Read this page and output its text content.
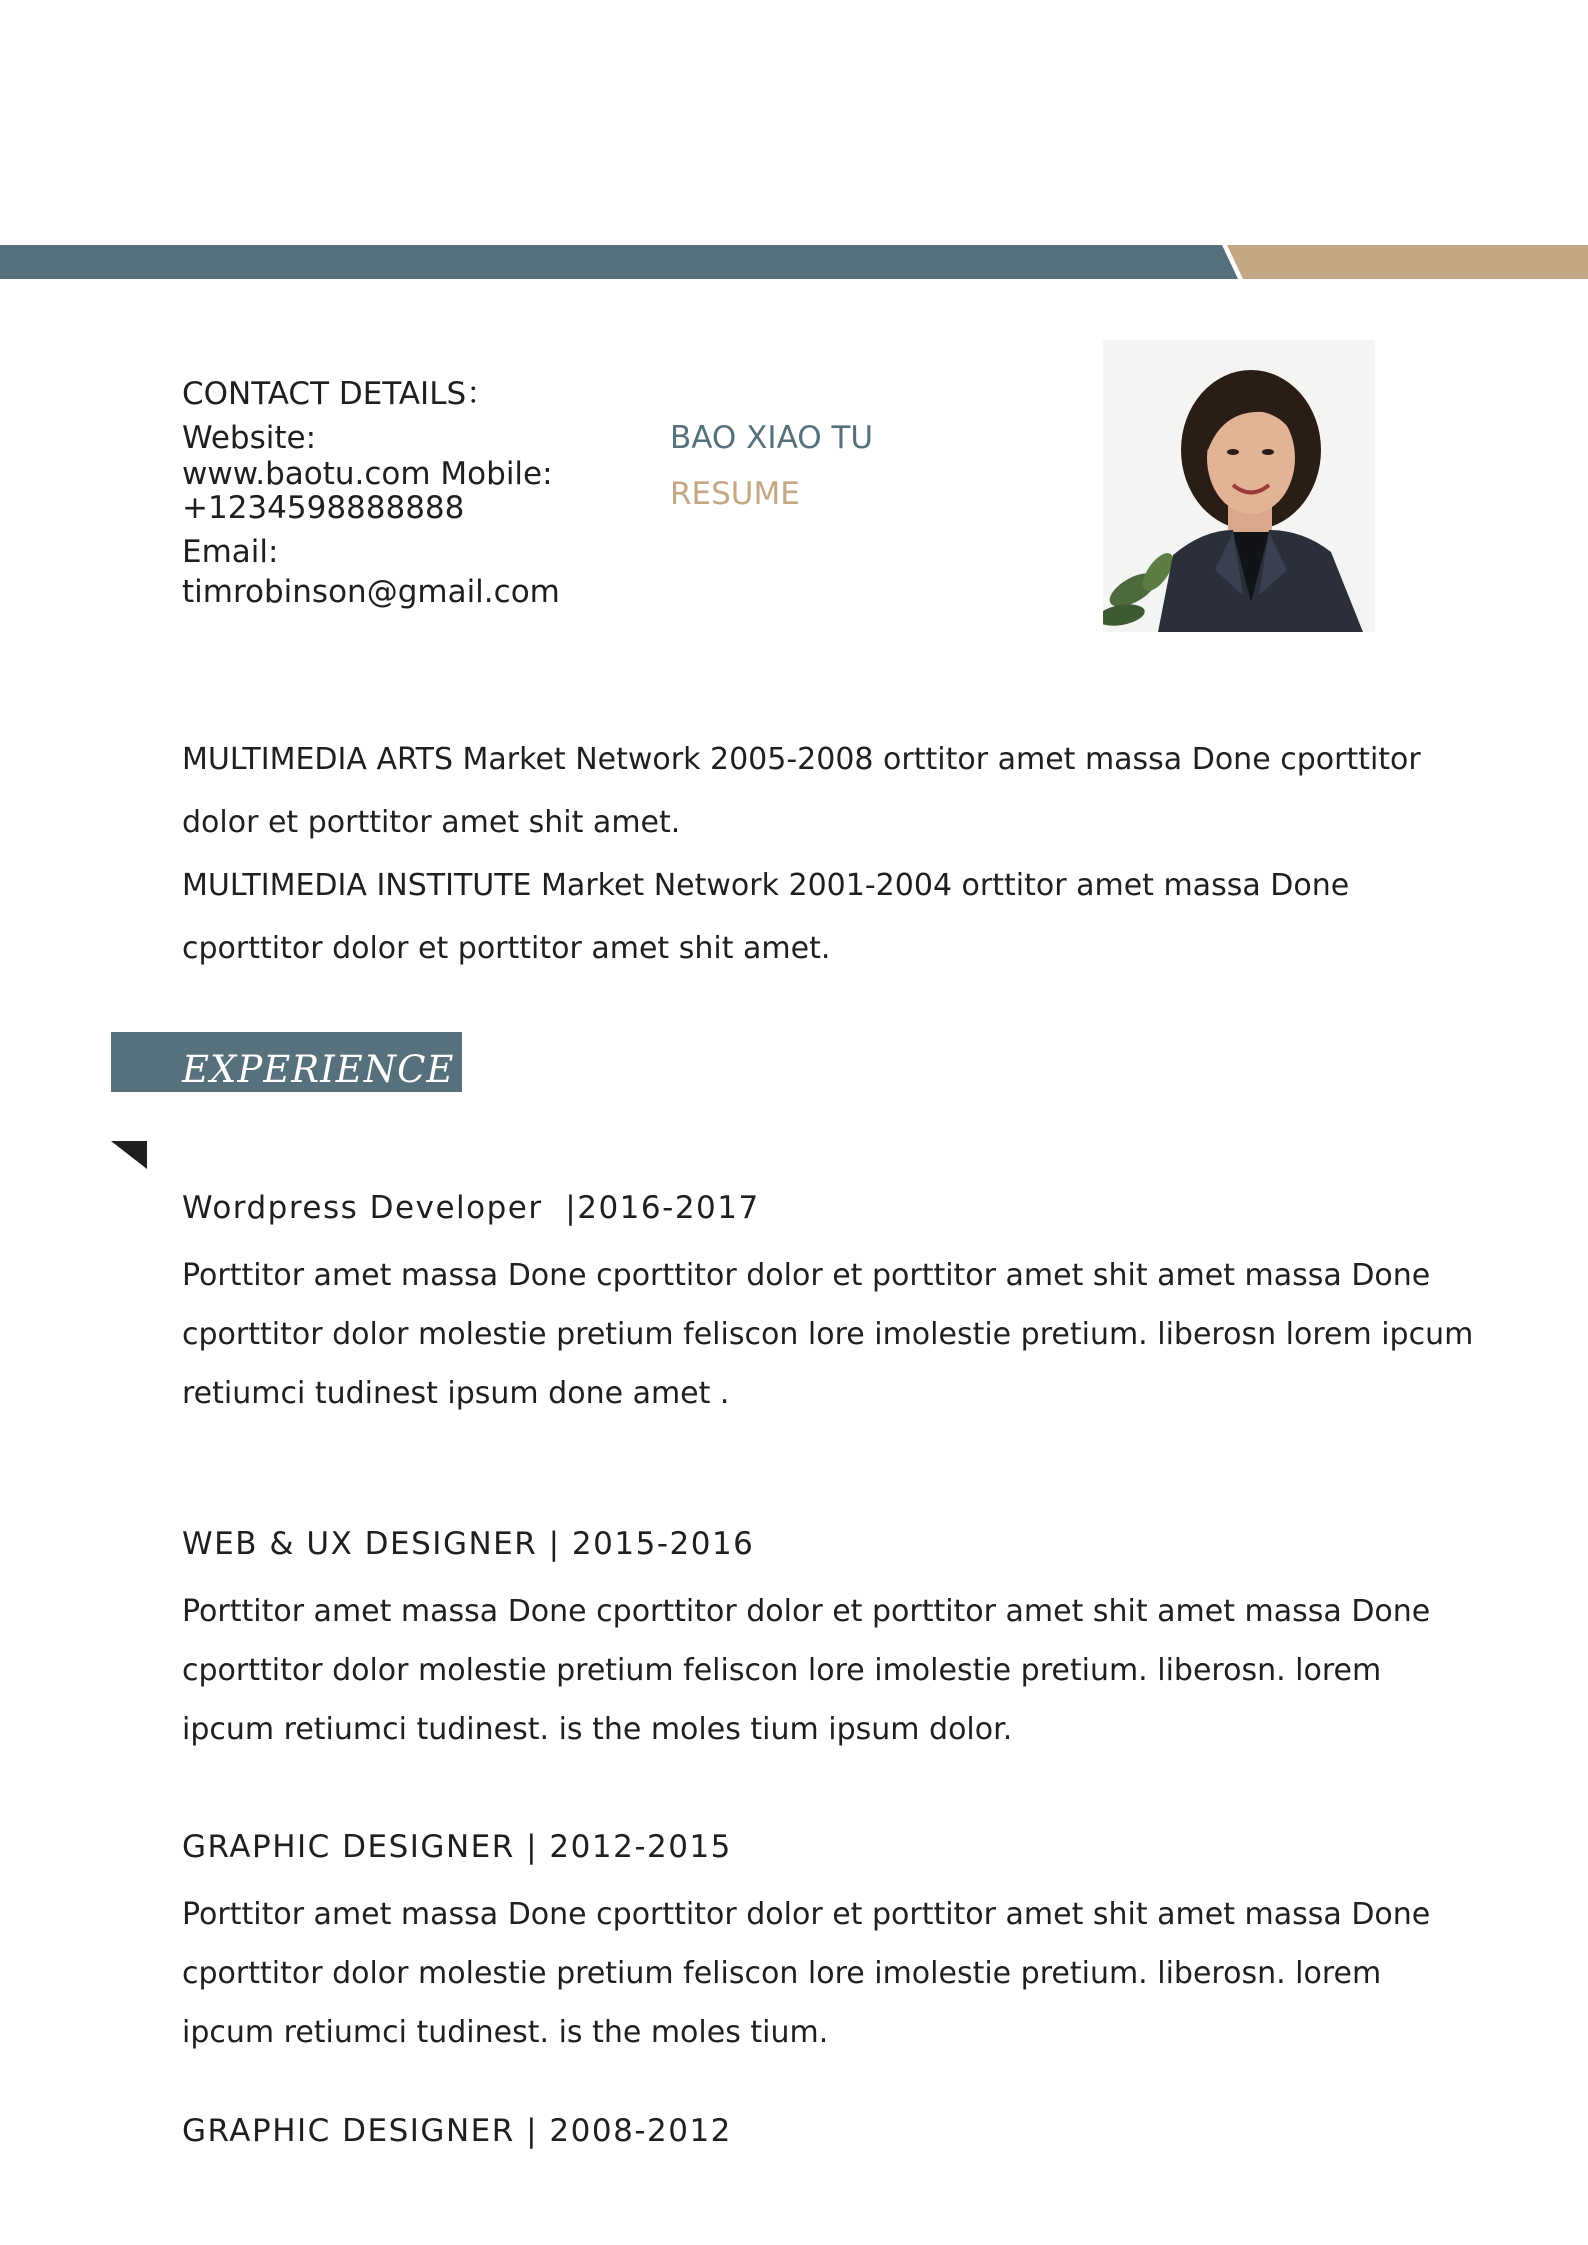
CONTACT DETAILS：
Website:
www.baotu.com Mobile:
+1234598888888
Email:
timrobinson@gmail.com
BAO XIAO TU
RESUME

MULTIMEDIA ARTS Market Network 2005-2008 orttitor amet massa Done cporttitor dolor et porttitor amet shit amet.

MULTIMEDIA INSTITUTE Market Network 2001-2004 orttitor amet massa Done cporttitor dolor et porttitor amet shit amet.

EXPERIENCE
Wordpress Developer  |2016-2017

Porttitor amet massa Done cporttitor dolor et porttitor amet shit amet massa Done cporttitor dolor molestie pretium feliscon lore imolestie pretium. liberosn lorem ipcum retiumci tudinest ipsum done amet .

WEB & UX DESIGNER | 2015-2016

Porttitor amet massa Done cporttitor dolor et porttitor amet shit amet massa Done cporttitor dolor molestie pretium feliscon lore imolestie pretium. liberosn. lorem ipcum retiumci tudinest. is the moles tium ipsum dolor.

GRAPHIC DESIGNER | 2012-2015

Porttitor amet massa Done cporttitor dolor et porttitor amet shit amet massa Done cporttitor dolor molestie pretium feliscon lore imolestie pretium. liberosn. lorem ipcum retiumci tudinest. is the moles tium.

GRAPHIC DESIGNER | 2008-2012
